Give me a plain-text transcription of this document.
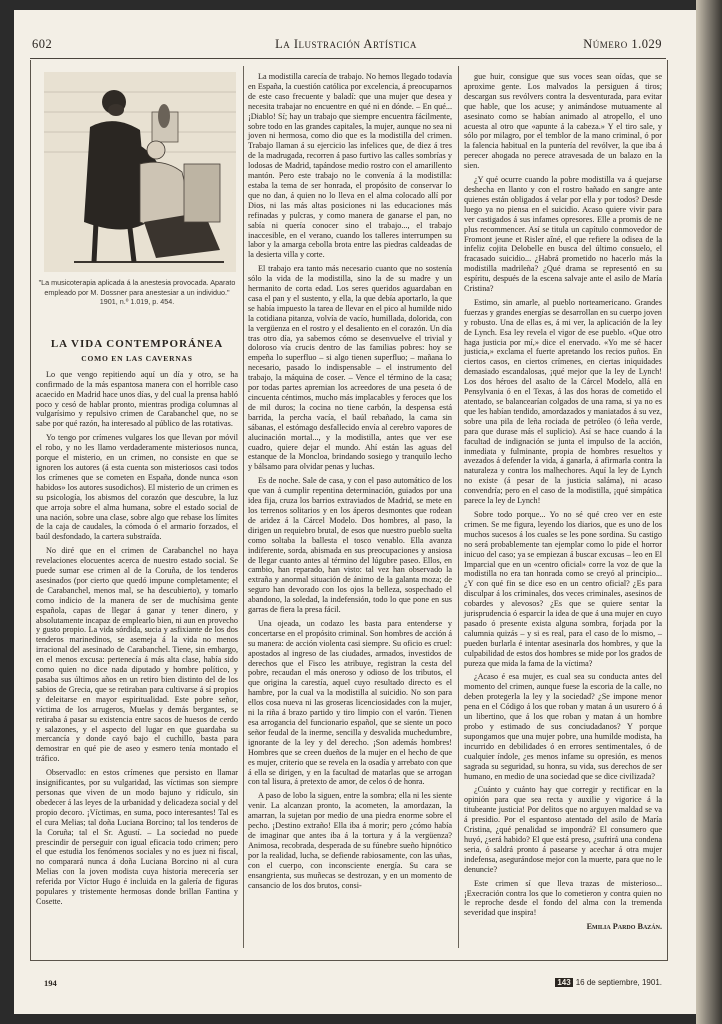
602	La Ilustración Artística	Número 1.029
"La musicoterapia aplicada á la anestesia provocada. Aparato empleado por M. Dossner para anestesiar a un individuo." 1901, n.º 1.019, p. 454.
LA VIDA CONTEMPORÁNEA
COMO EN LAS CAVERNAS

Lo que vengo repitiendo aquí un día y otro, se ha confirmado de la más espantosa manera con el horrible caso acaecido en Madrid hace unos días, y del cual la prensa habló poco y cesó de hablar pronto, mientras prodiga columnas al vulgarísimo y repulsivo crimen de Carabanchel que, no se sabe por qué razón, ha interesado al público de las rotativas.

Yo tengo por crímenes vulgares los que llevan por móvil el robo, y no les llamo verdaderamente misteriosos nunca, porque el misterio, en un crimen, no consiste en que se ignoren los autores (á esta cuenta son misteriosos casi todos los crímenes que se cometen en España, donde nunca «son habidos» los autores susodichos). El misterio de un crimen es su psicología, los abismos del corazón que descubre, la luz que arroja sobre el alma humana, sobre el estado social de una nación, sobre una clase, sobre algo que rebase los límites de la caja de caudales, la cómoda ó el armario forzados, el baúl desfondado, la cartera substraída.

No diré que en el crimen de Carabanchel no haya revelaciones elocuentes acerca de nuestro estado social. Se puede sumar ese crimen al de la Coruña, de los tenderos asesinados (por cierto que quedó impune completamente; el de Carabanchel, menos mal, se ha descubierto), y tomarlo como indicio de la manera de ser de muchísima gente española, capas de llegar á ganar y tener dinero, y absolutamente incapaz de emplearlo bien, ni aun en provecho y gusto propio. La vida sórdida, sucia y asfixiante de los dos tenderos marinedinos, se asemeja á la vida no menos irracional del asesinado de Carabanchel. Tiene, sin embargo, en el menos excusa: pertenecía á más alta clase, había sido como quien no dice nada diputado y hombre político, y pasaba sus últimos años en un retiro bien distinto del de los sabios de Grecia, que se retiraban para cultivarse á sí propios y deleitarse en mayor espiritualidad. Este pobre señor, víctima de los arrugeros, Muelas y demás bergantes, se retiraba á pasar su existencia entre sacos de huesos de cerdo y salazones, y el aspecto del lugar en que guardaba su mercancía y donde cayó bajo el cuchillo, basta para demostrar en qué pie de aseo y esmero tenía montado el tráfico.

Observadlo: en estos crímenes que persisto en llamar insignificantes, por su vulgaridad, las víctimas son siempre personas que viven de un modo bajuno y ridículo, sin obedecer á las leyes de la urbanidad y delicadeza social y del propio decoro. ¡Víctimas, en suma, poco interesantes! Tal es el cura Melias; tal doña Luciana Borcino; tal los tenderos de la Coruña; tal el Sr. Agustí. – La sociedad no puede prescindir de perseguir con igual eficacia todo crimen; pero el que estudia los fenómenos sociales y no es juez ni fiscal, no comparará nunca á doña Luciana Borcino ni al cura Melias con la joven modista cuya historia merecería ser referida por Víctor Hugo é incluida en la galería de figuras populares y tristemente hermosas donde brillan Fantina y Cosette.

La modistilla carecía de trabajo. No hemos llegado todavía en España, la cuestión católica por excelencia, á preocuparnos de este caso frecuente y baladí: que una mujer que desea y necesita trabajar no encuentre en qué ni en dónde. – En qué... ¡Diablo! Sí; hay un trabajo que siempre encuentra fácilmente, sobre todo en las grandes capitales, la mujer, aunque no sea ni joven ni hermosa, como dio que es la modistilla del crimen. Trabajo llaman á su ejercicio las infelices que, de diez á tres de la madrugada, recorren á paso furtivo las calles sombrías y lodosas de Madrid, tapándose medio rostro con el amarillento mantón. Pero este trabajo no le convenía á la modistilla: estaba la tema de ser honrada, el propósito de conservar lo que no dan, á quien no lo lleva en el alma colocado allí por Dios, ni las más altas posiciones ni las educaciones más refinadas y pulcras, y como manera de ganarse el pan, no sabía ni quería conocer sino el trabajo..., el trabajo inaccesible, en el verano, cuando los talleres interrumpen su labor y la amarga cebolla brota entre las piedras caldeadas de la desierta villa y corte.

El trabajo era tanto más necesario cuanto que no sostenía sólo la vida de la modistilla, sino la de su madre y un hermanito de corta edad. Los seres queridos aguardaban en casa el pan y el sustento, y ella, la que debía aportarlo, la que se había impuesto la tarea de llevar en el pico al humilde nido la cotidiana pitanza, volvía de vacío, humillada, dolorida, con la vergüenza en el rostro y el desaliento en el corazón. Un día tras otro día, ya sabemos cómo se desenvuelve el trivial y doloroso vía crucis dentro de las familias pobres: hoy se empeña lo superfluo – si algo tienen superfluo; – mañana lo necesario, pasado lo indispensable – el instrumento del trabajo, la máquina de coser. – Vence el término de la casa; por todas partes apremian los acreedores de una peseta ó de cincuenta céntimos, mucho más implacables y feroces que los de mil duros; la cocina no tiene carbón, la despensa está barrida, la percha vacía, el baúl rebañado, la cama sin sábanas, el estómago desfallecido envía al cerebro vapores de alucinación mortal..., y la modistilla, antes que ver ese cuadro, quiere dejar el mundo. Ahí están las aguas del estanque de la Moncloa, brindando sosiego y tranquilo lecho y bálsamo para olvidar penas y luchas.

Es de noche. Sale de casa, y con el paso automático de los que van á cumplir repentina determinación, guiados por una idea fija, cruza los barrios extraviados de Madrid, se mete en los terrenos solitarios y en los áperos desmontes que rodean de aridez á la Cárcel Modelo. Dos hombres, al paso, la dirigen un requiebro brutal, de esos que nuestro pueblo suelta como soltaba la ballesta el tosco venablo. Ella avanza indiferente, sorda, abismada en sus preocupaciones y ansiosa de llegar cuanto antes al término del lúgubre paseo. Ellos, en cambio, han reparado, han visto: tal vez han observado la extraña y anormal situación de ánimo de la galanta moza; de seguro han devorado con los ojos la belleza, sospechado el abandono, la soledad, la indefensión, todo lo que pone en sus garras de fiera la presa fácil.

Una ojeada, un codazo les basta para entenderse y concertarse en el propósito criminal. Son hombres de acción á su manera: de acción violenta casi siempre. Su oficio es cruel: apostados al ingreso de las ciudades, armados, investidos de derechos que el Fisco les atribuye, registran la cesta del pobre, recaudan el más oneroso y odioso de los tributos, el que origina la carestía, aquel cuyo resultado directo es el hambre, por la cual va la modistilla al suicidio. No son para ellos cosa nueva ni las groseras licenciosidades con la mujer, ni la riña á brazo partido y tiro limpio con el varón. Tienen esa arrogancia del funcionario español, que se siente un poco señor feudal de la inerme, sencilla y desvalida muchedumbre, ignorante de la ley y del derecho. ¡Son además hombres! Hombres que se creen dueños de la mujer en el hecho de que es mujer, criterio que se revela en la osadía y arrebato con que á ella se dirigen, y en la facultad de matarlas que se arrogan con tal lisura, á pretexto de amor, de celos ó de honra.

A paso de lobo la siguen, entre la sombra; ella ni les siente venir. La alcanzan pronto, la acometen, la amordazan, la amarran, la sujetan por medio de una piedra enorme sobre el pecho. ¡Destino extraño! Ella iba á morir; pero ¿cómo había de imaginar que antes iba á la tortura y á la vergüenza? Animosa, recobrada, desperada de su fúnebre sueño hipnótico por la realidad, lucha, se defiende rabiosamente, con las uñas, con el cuerpo, con inconsciente energía. Su cara se ensangrienta, sus muñecas se destrozan, y en un momento de cansancio de los dos brutos, consi-

gue huir, consigue que sus voces sean oídas, que se aproxime gente. Los malvados la persiguen á tiros; descargan sus revólvers contra la desventurada, para evitar que hable, que los acuse; y animándose mutuamente al asesinato como se habían animado al atropello, el uno acuesta al otro que «apunte á la cabeza.» Y el tiro sale, y sólo por milagro, por el temblor de la mano criminal, ó por la falencia habitual en la puntería del revólver, la que iba á perecer ahogada no perece atravesada de un balazo en la sien.

¿Y qué ocurre cuando la pobre modistilla va á quejarse deshecha en llanto y con el rostro bañado en sangre ante quienes están obligados á velar por ella y por todos? Desde luego ya no piensa en el suicidio. Acaso quiere vivir para ver castigados á sus infames opresores. Elle a promis de ne plus recommencer. Así se titula un capítulo conmovedor de Fromont jeune et Risler aîné, el que refiere la odisea de la infeliz cojita Delobelle en busca del último consuelo, el fracasado suicidio... ¿Habrá prometido no hacerlo más la modistilla madrileña? ¿Qué drama se representó en su espíritu, después de la escena salvaje ante el asilo de María Cristina?

Estimo, sin amarle, al pueblo norteamericano. Grandes fuerzas y grandes energías se desarrollan en su cuerpo joven y robusto. Una de ellas es, á mi ver, la aplicación de la ley de Lynch. Esa ley revela el vigor de ese pueblo. «Que otro haga justicia por mí,» dice el enervado. «Yo me sé hacer justicia,» exclama el fuerte apretando los recios puños. En ciertos casos, en ciertos crímenes, en ciertas iniquidades demasiado escandalosas, ¡qué mejor que la ley de Lynch! Los dos héroes del asalto de la Cárcel Modelo, allá en Pensylvania ó en el Texas, á las dos horas de cometido el atentado, se balancearían colgados de una rama, si ya no es que les habían tendido, amordazados y maniatados á su vez, sobre una pila de leña rociada de petróleo (ó leña verde, para que durase más el suplicio). Así se hace cuando á la facultad de indignación se junta el impulso de la acción, inmediata y fulminante, propia de hombres resueltos y avezados á defender la vida, á ganarla, á afirmarla contra la naturaleza y contra los malhechores. Aquí la ley de Lynch no existe (á pesar de la justicia saláma), ni acaso convendría; pero en el caso de la modistilla, ¡qué simpática parece la ley de Lynch!

Sobre todo porque... Yo no sé qué creo ver en este crimen. Se me figura, leyendo los diarios, que es uno de los muchos sucesos á los cuales se les pone sordina. Su castigo no será probablemente tan ejemplar como lo pide el horror inicuo del caso; ya se empiezan á buscar excusas – leo en El Imparcial que en un «centro oficial» corre la voz de que la modistilla no era tan honrada como se creyó al principio... ¿Y con qué fin se dice eso en un centro oficial? ¿Es para disculpar á los criminales, dos veces criminales, asesinos de cobardes y alevosos? ¿Es que se quiere sentar la jurisprudencia ó esparcir la idea de que á una mujer en cuyo pasado ó presente exista alguna sombra, forjada por la calumnia quizás – y si es real, para el caso de lo mismo, – pueden burlarla é intentar asesinarla dos hombres, y que la culpabilidad de estos dos hombres se mide por los grados de pureza que mida la fama de la víctima?

¿Acaso é esa mujer, es cual sea su conducta antes del momento del crimen, aunque fuese la escoria de la calle, no deben protegerla la ley y la sociedad? ¿Se impone menor pena en el Código á los que roban y matan á un usurero ó á un libertino, que á los que roban y matan á un hombre probo y estimado de sus conciudadanos? Y porque supongamos que una mujer pobre, una humilde modista, ha incurrido en debilidades ó en errores sentimentales, ó de cualquier índole, ¿es menos infame su opresión, es menos sagrada su seguridad, su honra, su vida, sus derechos de ser humano, en medio de una sociedad que se dice civilizada?

¿Cuánto y cuánto hay que corregir y rectificar en la opinión para que sea recta y auxilie y vigorice á la titubeante justicia! Por delitos que no arguyen maldad se va á presidio. Por el espantoso atentado del asilo de María Cristina, ¿qué penalidad se impondrá? El consumero que huyó, ¿será habido? El que está preso, ¿sufrirá una condena seria, ó saldrá pronto á pasearse y acechar á otra mujer indefensa, asegurándose mejor con la muerte, para que no le denuncie?

Este crimen sí que lleva trazas de misterioso... ¡Execración contra los que lo cometieron y contra quien no le reproche desde el fondo del alma con la tremenda severidad que inspira!

Emilia Pardo Bazán.
194	143 16 de septiembre, 1901.
